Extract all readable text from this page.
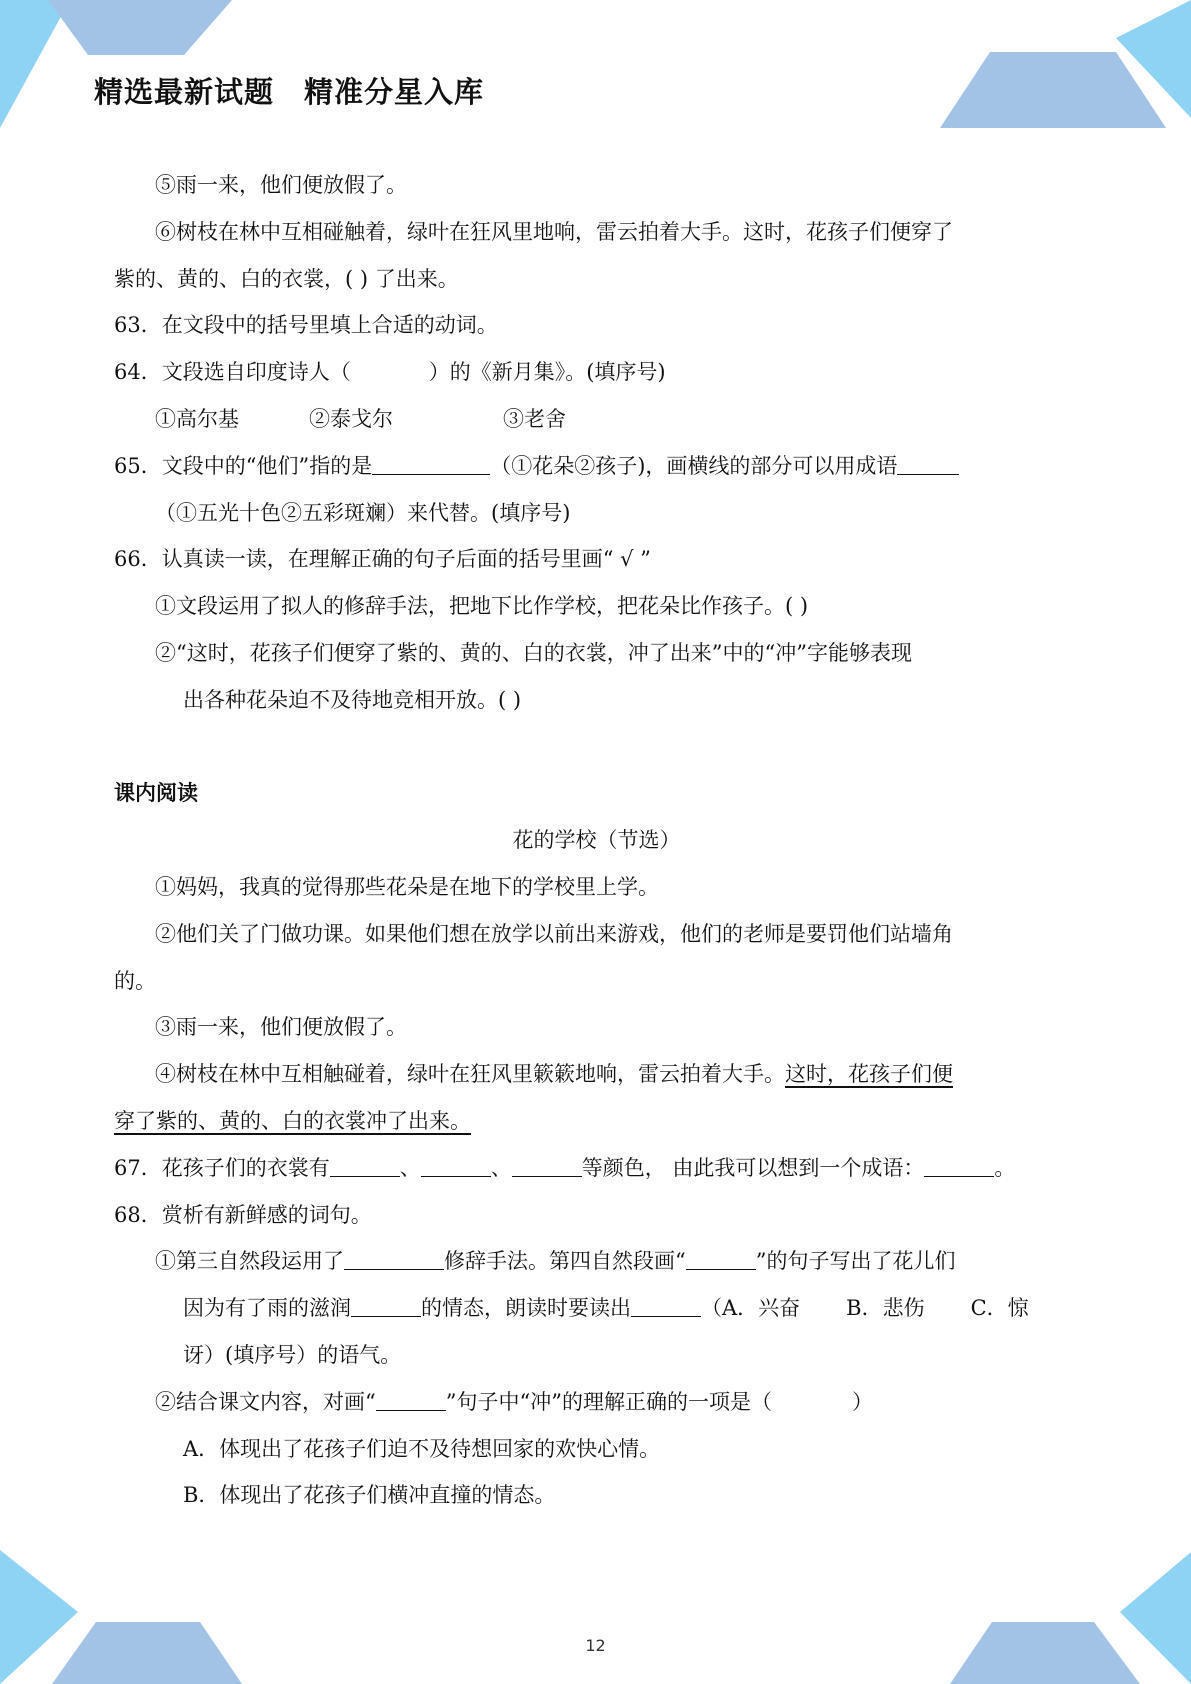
精选最新试题　精准分星入库
⑤雨一来，他们便放假了。
⑥树枝在林中互相碰触着，绿叶在狂风里地响，雷云拍着大手。这时，花孩子们便穿了
紫的、黄的、白的衣裳，( ) 了出来。
63．在文段中的括号里填上合适的动词。
64．文段选自印度诗人（	）的《新月集》。(填序号)
①高尔基	②泰戈尔	③老舍
65．文段中的“他们”指的是	（①花朵②孩子)，画横线的部分可以用成语
（①五光十色②五彩斑斓）来代替。(填序号)
66．认真读一读，在理解正确的句子后面的括号里画“ √ ”
①文段运用了拟人的修辞手法，把地下比作学校，把花朵比作孩子。( )
②“这时，花孩子们便穿了紫的、黄的、白的衣裳，冲了出来”中的“冲”字能够表现
出各种花朵迫不及待地竞相开放。( )
课内阅读
花的学校（节选）
①妈妈，我真的觉得那些花朵是在地下的学校里上学。
②他们关了门做功课。如果他们想在放学以前出来游戏，他们的老师是要罚他们站墙角
的。
③雨一来，他们便放假了。
④树枝在林中互相触碰着，绿叶在狂风里簌簌地响，雷云拍着大手。这时，花孩子们便
穿了紫的、黄的、白的衣裳冲了出来。
67．花孩子们的衣裳有	、	、	等颜色， 由此我可以想到一个成语：	。
68．赏析有新鲜感的词句。
①第三自然段运用了	修辞手法。第四自然段画“	”的句子写出了花儿们
因为有了雨的滋润	的情态，朗读时要读出	（A．兴奋 B．悲伤 C．惊
讶）(填序号）的语气。
②结合课文内容，对画“	”句子中“冲”的理解正确的一项是（	）
A．体现出了花孩子们迫不及待想回家的欢快心情。
B．体现出了花孩子们横冲直撞的情态。
12
